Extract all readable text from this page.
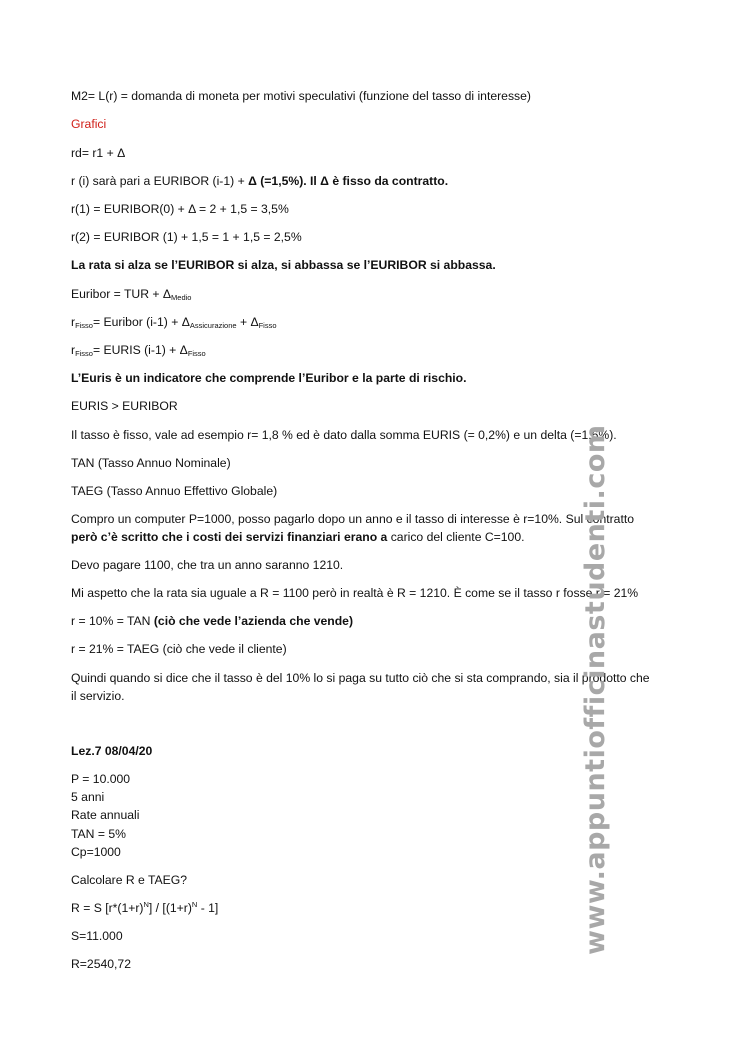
M2= L(r) = domanda di moneta per motivi speculativi (funzione del tasso di interesse)
Grafici
rd= r1 + Δ
r (i) sarà pari a EURIBOR (i-1) + Δ (=1,5%). Il Δ è fisso da contratto.
r(1) = EURIBOR(0) + Δ = 2 + 1,5 = 3,5%
r(2) = EURIBOR (1) + 1,5 = 1 + 1,5 = 2,5%
La rata si alza se l’EURIBOR si alza, si abbassa se l’EURIBOR si abbassa.
Euribor = TUR + $\Delta_{Medio}$
$r_{Fisso}=$ Euribor $(i-1) + \Delta_{Assicurazione} + \Delta_{Fisso}$
$r_{Fisso}=$ EURIS $(i-1) + \Delta_{Fisso}$
L’Euris è un indicatore che comprende l’Euribor e la parte di rischio.
EURIS > EURIBOR
Il tasso è fisso, vale ad esempio r= 1,8 % ed è dato dalla somma EURIS (= 0,2%) e un delta (=1,6%).
TAN (Tasso Annuo Nominale)
TAEG (Tasso Annuo Effettivo Globale)
Compro un computer P=1000, posso pagarlo dopo un anno e il tasso di interesse è r=10%. Sul contratto
però c’è scritto che i costi dei servizi finanziari erano a carico del cliente C=100.
Devo pagare 1100, che tra un anno saranno 1210.
Mi aspetto che la rata sia uguale a R = 1100 però in realtà è R = 1210. È come se il tasso r fosse r = 21%
r = 10% = TAN (ciò che vede l’azienda che vende)
r = 21% = TAEG (ciò che vede il cliente)
Quindi quando si dice che il tasso è del 10% lo si paga su tutto ciò che si sta comprando, sia il prodotto che
il servizio.
Lez.7 08/04/20
P = 10.000
5 anni
Rate annuali
TAN = 5%
Cp=1000
Calcolare R e TAEG?
R = S $[r*(1+r)^N] / [(1+r)^N - 1]$
S=11.000
R=2540,72
www.appuntiofficinastudenti.com
